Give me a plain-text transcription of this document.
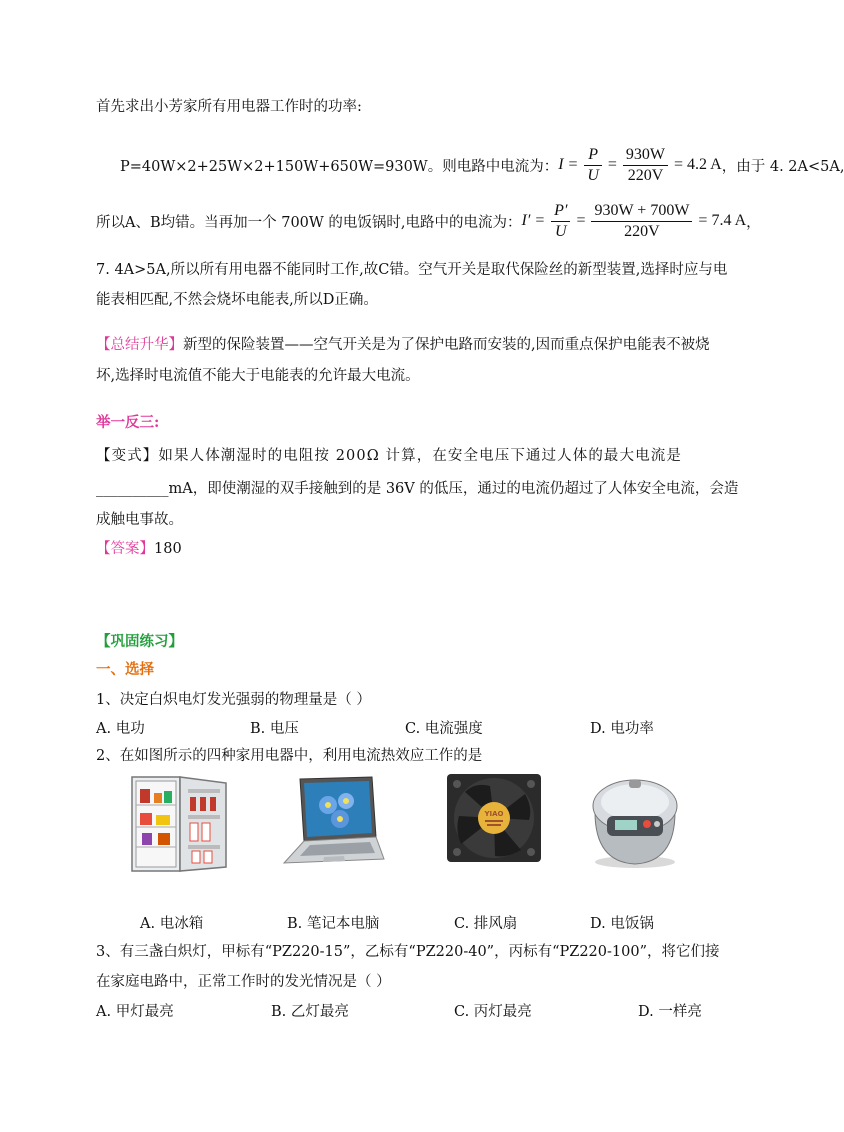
首先求出小芳家所有用电器工作时的功率:
P=40W×2+25W×2+150W+650W=930W。则电路中电流为： $I = \frac{P}{U} = \frac{930W}{220V} = 4.2$ A ，由于 4. 2A<5A,
所以A、B均错。当再加一个 700W 的电饭锅时,电路中的电流为： $I' = \frac{P'}{U} = \frac{930W + 700W}{220V} = 7.4$ A ，
7. 4A>5A,所以所有用电器不能同时工作,故C错。空气开关是取代保险丝的新型装置,选择时应与电
能表相匹配,不然会烧坏电能表,所以D正确。
【总结升华】新型的保险装置——空气开关是为了保护电路而安装的,因而重点保护电能表不被烧
坏,选择时电流值不能大于电能表的允许最大电流。
举一反三:
【变式】如果人体潮湿时的电阻按 200Ω 计算，在安全电压下通过人体的最大电流是
__________mA，即使潮湿的双手接触到的是 36V 的低压，通过的电流仍超过了人体安全电流，会造
成触电事故。
【答案】180
【巩固练习】
一、选择
1、决定白炽电灯发光强弱的物理量是（ ）
A. 电功	B. 电压	C. 电流强度	D. 电功率
2、在如图所示的四种家用电器中，利用电流热效应工作的是
YIAO
A. 电冰箱	B. 笔记本电脑	C. 排风扇	D. 电饭锅
3、有三盏白炽灯，甲标有“PZ220-15”，乙标有“PZ220-40”，丙标有“PZ220-100”，将它们接
在家庭电路中，正常工作时的发光情况是（ ）
A. 甲灯最亮	B. 乙灯最亮	C. 丙灯最亮	D. 一样亮
